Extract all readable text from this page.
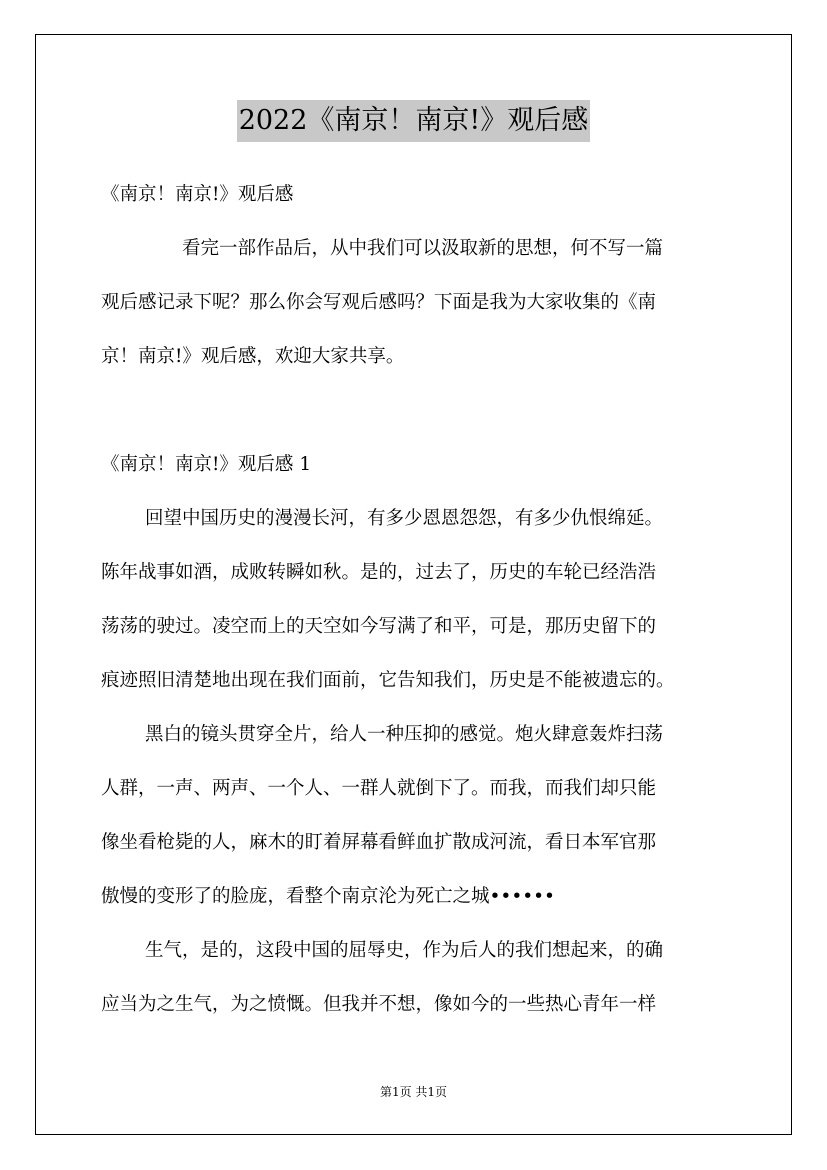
2022《南京！南京!》观后感
《南京！南京!》观后感
看完一部作品后，从中我们可以汲取新的思想，何不写一篇
观后感记录下呢？那么你会写观后感吗？下面是我为大家收集的《南
京！南京!》观后感，欢迎大家共享。
《南京！南京!》观后感 1
回望中国历史的漫漫长河，有多少恩恩怨怨，有多少仇恨绵延。
陈年战事如酒，成败转瞬如秋。是的，过去了，历史的车轮已经浩浩
荡荡的驶过。凌空而上的天空如今写满了和平，可是，那历史留下的
痕迹照旧清楚地出现在我们面前，它告知我们，历史是不能被遗忘的。
黑白的镜头贯穿全片，给人一种压抑的感觉。炮火肆意轰炸扫荡
人群，一声、两声、一个人、一群人就倒下了。而我，而我们却只能
像坐看枪毙的人，麻木的盯着屏幕看鲜血扩散成河流，看日本军官那
傲慢的变形了的脸庞，看整个南京沦为死亡之城••••••
生气，是的，这段中国的屈辱史，作为后人的我们想起来，的确
应当为之生气，为之愤慨。但我并不想，像如今的一些热心青年一样
第1页 共1页
